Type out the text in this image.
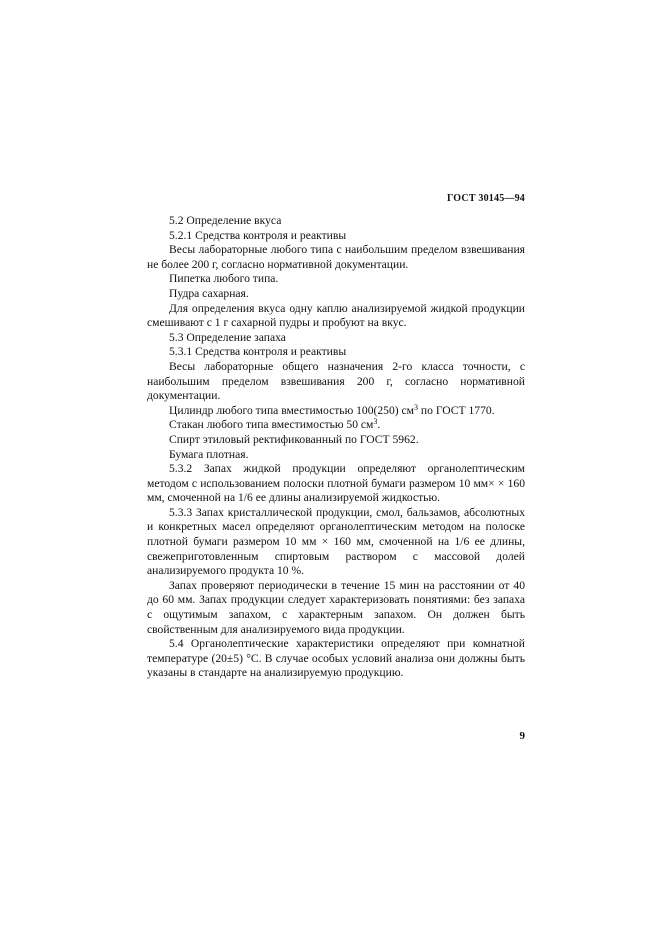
ГОСТ 30145—94

5.2 Определение вкуса

5.2.1 Средства контроля и реактивы

Весы лабораторные любого типа с наибольшим пределом взвешивания не более 200 г, согласно нормативной документации.

Пипетка любого типа.

Пудра сахарная.

Для определения вкуса одну каплю анализируемой жидкой продукции смешивают с 1 г сахарной пудры и пробуют на вкус.

5.3 Определение запаха

5.3.1 Средства контроля и реактивы

Весы лабораторные общего назначения 2-го класса точности, с наибольшим пределом взвешивания 200 г, согласно нормативной документации.

Цилиндр любого типа вместимостью 100(250) $см^3$ по ГОСТ 1770.

Стакан любого типа вместимостью 50 $см^3$.

Спирт этиловый ректификованный по ГОСТ 5962.

Бумага плотная.

5.3.2 Запах жидкой продукции определяют органолептическим методом с использованием полоски плотной бумаги размером 10 мм× × 160 мм, смоченной на 1/6 ее длины анализируемой жидкостью.

5.3.3 Запах кристаллической продукции, смол, бальзамов, абсолютных и конкретных масел определяют органолептическим методом на полоске плотной бумаги размером 10 мм × 160 мм, смоченной на 1/6 ее длины, свежеприготовленным спиртовым раствором с массовой долей анализируемого продукта 10 %.

Запах проверяют периодически в течение 15 мин на расстоянии от 40 до 60 мм. Запах продукции следует характеризовать понятиями: без запаха с ощутимым запахом, с характерным запахом. Он должен быть свойственным для анализируемого вида продукции.

5.4 Органолептические характеристики определяют при комнатной температуре (20±5) °С. В случае особых условий анализа они должны быть указаны в стандарте на анализируемую продукцию.

9
